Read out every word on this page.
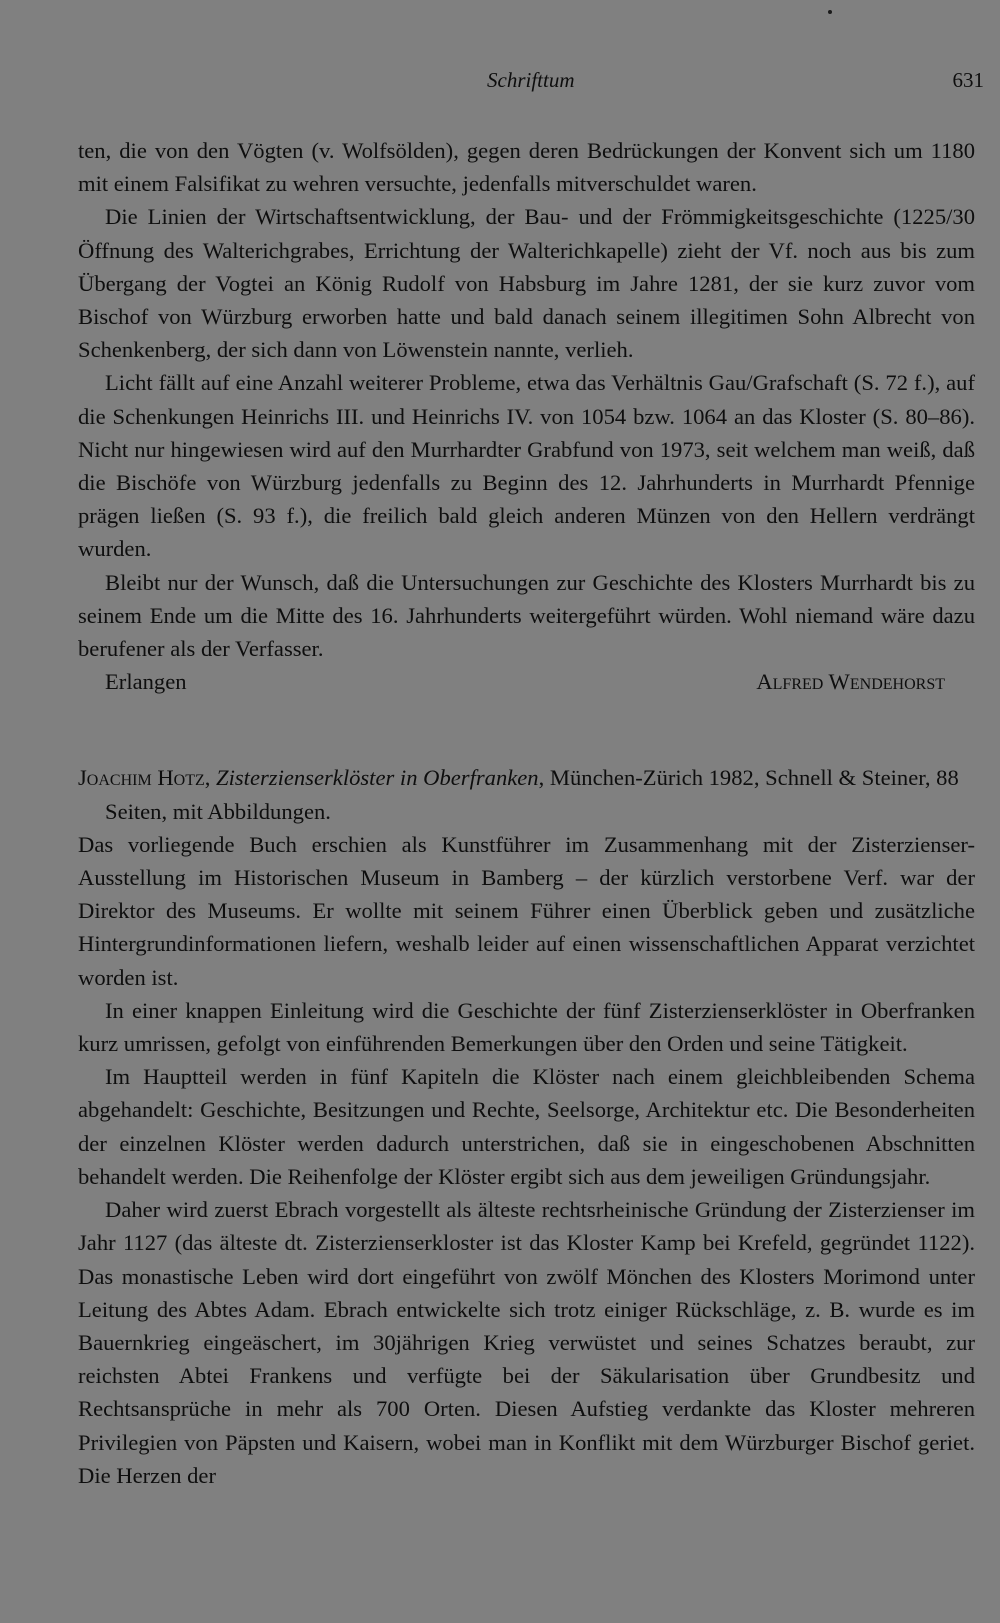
Schrifttum	631

ten, die von den Vögten (v. Wolfsölden), gegen deren Bedrückungen der Konvent sich um 1180 mit einem Falsifikat zu wehren versuchte, jedenfalls mitverschuldet waren.

Die Linien der Wirtschaftsentwicklung, der Bau- und der Frömmigkeitsgeschichte (1225/30 Öffnung des Walterichgrabes, Errichtung der Walterichkapelle) zieht der Vf. noch aus bis zum Übergang der Vogtei an König Rudolf von Habsburg im Jahre 1281, der sie kurz zuvor vom Bischof von Würzburg erworben hatte und bald danach seinem illegitimen Sohn Albrecht von Schenkenberg, der sich dann von Löwenstein nannte, verlieh.

Licht fällt auf eine Anzahl weiterer Probleme, etwa das Verhältnis Gau/Grafschaft (S. 72 f.), auf die Schenkungen Heinrichs III. und Heinrichs IV. von 1054 bzw. 1064 an das Kloster (S. 80–86). Nicht nur hingewiesen wird auf den Murrhardter Grabfund von 1973, seit welchem man weiß, daß die Bischöfe von Würzburg jedenfalls zu Beginn des 12. Jahrhunderts in Murrhardt Pfennige prägen ließen (S. 93 f.), die freilich bald gleich anderen Münzen von den Hellern verdrängt wurden.

Bleibt nur der Wunsch, daß die Untersuchungen zur Geschichte des Klosters Murrhardt bis zu seinem Ende um die Mitte des 16. Jahrhunderts weitergeführt würden. Wohl niemand wäre dazu berufener als der Verfasser.

Erlangen	Alfred Wendehorst

Joachim Hotz, Zisterzienserklöster in Oberfranken, München-Zürich 1982, Schnell & Steiner, 88 Seiten, mit Abbildungen.

Das vorliegende Buch erschien als Kunstführer im Zusammenhang mit der Zisterzienser-Ausstellung im Historischen Museum in Bamberg – der kürzlich verstorbene Verf. war der Direktor des Museums. Er wollte mit seinem Führer einen Überblick geben und zusätzliche Hintergrundinformationen liefern, weshalb leider auf einen wissenschaftlichen Apparat verzichtet worden ist.

In einer knappen Einleitung wird die Geschichte der fünf Zisterzienserklöster in Oberfranken kurz umrissen, gefolgt von einführenden Bemerkungen über den Orden und seine Tätigkeit.

Im Hauptteil werden in fünf Kapiteln die Klöster nach einem gleichbleibenden Schema abgehandelt: Geschichte, Besitzungen und Rechte, Seelsorge, Architektur etc. Die Besonderheiten der einzelnen Klöster werden dadurch unterstrichen, daß sie in eingeschobenen Abschnitten behandelt werden. Die Reihenfolge der Klöster ergibt sich aus dem jeweiligen Gründungsjahr.

Daher wird zuerst Ebrach vorgestellt als älteste rechtsrheinische Gründung der Zisterzienser im Jahr 1127 (das älteste dt. Zisterzienserkloster ist das Kloster Kamp bei Krefeld, gegründet 1122). Das monastische Leben wird dort eingeführt von zwölf Mönchen des Klosters Morimond unter Leitung des Abtes Adam. Ebrach entwickelte sich trotz einiger Rückschläge, z. B. wurde es im Bauernkrieg eingeäschert, im 30jährigen Krieg verwüstet und seines Schatzes beraubt, zur reichsten Abtei Frankens und verfügte bei der Säkularisation über Grundbesitz und Rechtsansprüche in mehr als 700 Orten. Diesen Aufstieg verdankte das Kloster mehreren Privilegien von Päpsten und Kaisern, wobei man in Konflikt mit dem Würzburger Bischof geriet. Die Herzen der
